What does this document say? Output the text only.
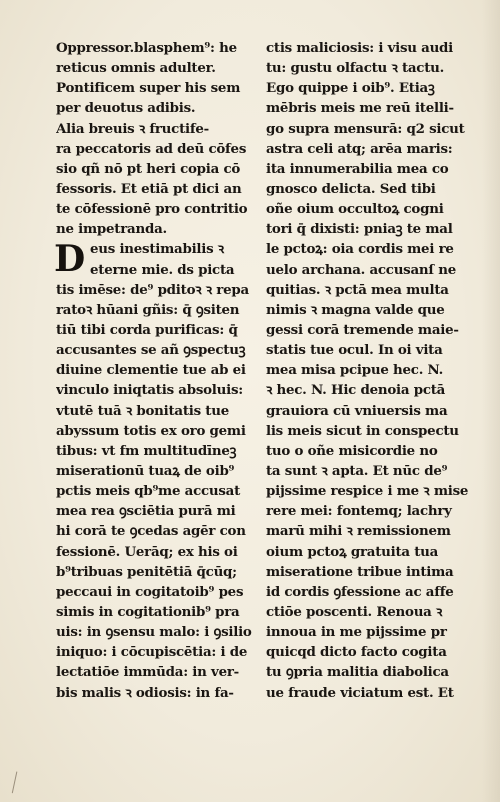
Oppressor.blasphem⁹: he
reticus omnis adulter.
Pontificem super his sem
per deuotus adibis.
Alia breuis ꝛ fructife-
ra peccatoris ad deū cōfes
sio qñ nō pt heri copia cō
fessoris. Et etiā pt dici an
te cōfessionē pro contritio
ne impetranda.
D eus inestimabilis ꝛ
eterne mie. ds picta
tis imēse: de⁹ pditoꝛ ꝛ repa
ratoꝛ hūani gñis: q̄ ꝯsiten
tiū tibi corda purificas: q̄
accusantes se añ ꝯspectuꝫ
diuine clementie tue ab ei
vinculo iniqtatis absoluis:
vtutē tuā ꝛ bonitatis tue
abyssum totis ex oro gemi
tibus: vt fm multitudīneꝫ
miserationū tuaꝝ de oib⁹
pctis meis qb⁹me accusat
mea rea ꝯsciētia purā mi
hi corā te ꝯcedas agēr con
fessionē. Uerāq; ex his oi
b⁹tribuas penitētiā q̄cūq;
peccaui in cogitatoib⁹ pes
simis in cogitationib⁹ pra
uis: in ꝯsensu malo: i ꝯsilio
iniquo: i cōcupiscētia: i de
lectatiōe immūda: in ver-
bis malis ꝛ odiosis: in fa-
ctis maliciosis: i visu audi
tu: gustu olfactu ꝛ tactu.
Ego quippe i oib⁹. Etiaꝫ
mēbris meis me reū itelli-
go supra mensurā: q2 sicut
astra celi atq; arēa maris:
ita innumerabilia mea co
gnosco delicta. Sed tibi
oñe oium occultoꝝ cogni
tori q̄ dixisti: pniaꝫ te mal
le pctoꝝ: oia cordis mei re
uelo archana. accusanſ ne
quitias. ꝛ pctā mea multa
nimis ꝛ magna valde que
gessi corā tremende maie-
statis tue ocul. In oi vita
mea misa pcipue hec. N.
ꝛ hec. N. Hic denoia pctā
grauiora cū vniuersis ma
lis meis sicut in conspectu
tuo o oñe misicordie no
ta sunt ꝛ apta. Et nūc de⁹
pijssime respice i me ꝛ mise
rere mei: fontemq; lachry
marū mihi ꝛ remissionem
oium pctoꝝ gratuita tua
miseratione tribue intima
id cordis ꝯfessione ac affe
ctiōe poscenti. Renoua ꝛ
innoua in me pijssime pr
quicqd dicto facto cogita
tu ꝯpria malitia diabolica
ue fraude viciatum est. Et
